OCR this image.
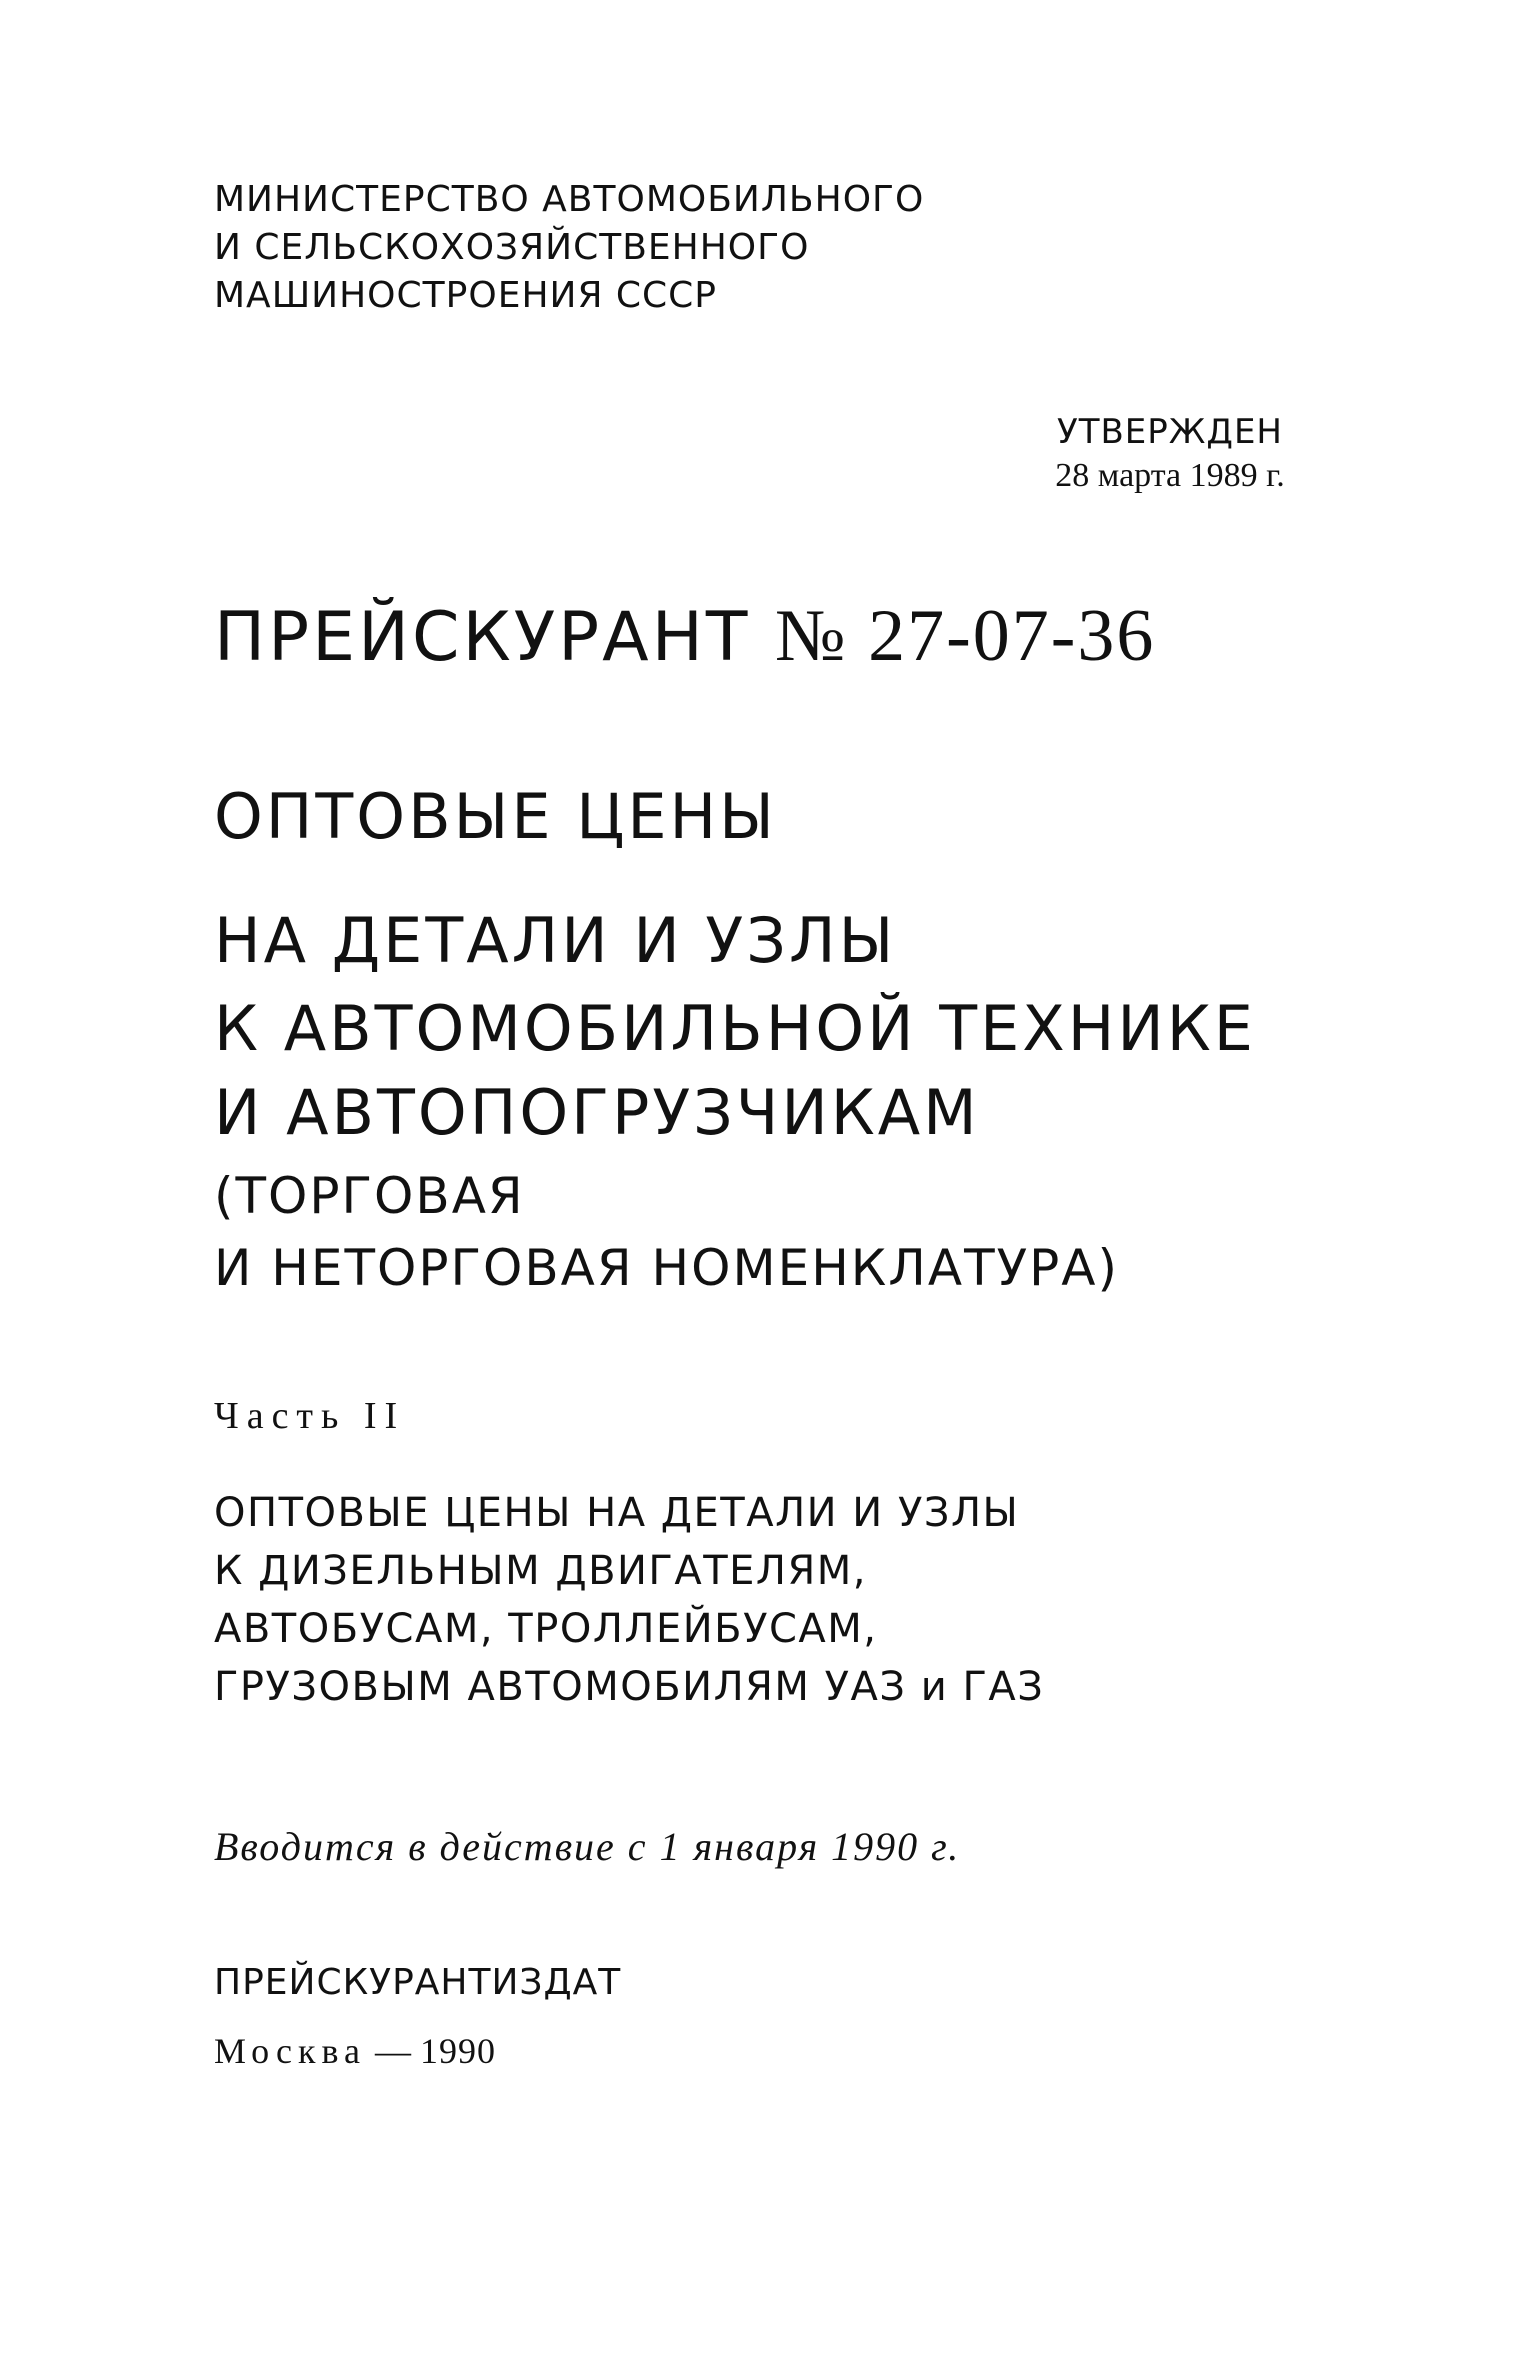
МИНИСТЕРСТВО АВТОМОБИЛЬНОГО
И СЕЛЬСКОХОЗЯЙСТВЕННОГО
МАШИНОСТРОЕНИЯ СССР
УТВЕРЖДЕН
28 марта 1989 г.
ПРЕЙСКУРАНТ № 27-07-36
ОПТОВЫЕ ЦЕНЫ
НА ДЕТАЛИ И УЗЛЫ
К АВТОМОБИЛЬНОЙ ТЕХНИКЕ
И АВТОПОГРУЗЧИКАМ
(ТОРГОВАЯ
И НЕТОРГОВАЯ НОМЕНКЛАТУРА)
Часть II
ОПТОВЫЕ ЦЕНЫ НА ДЕТАЛИ И УЗЛЫ
К ДИЗЕЛЬНЫМ ДВИГАТЕЛЯМ,
АВТОБУСАМ, ТРОЛЛЕЙБУСАМ,
ГРУЗОВЫМ АВТОМОБИЛЯМ УАЗ и ГАЗ
Вводится в действие с 1 января 1990 г.
ПРЕЙСКУРАНТИЗДАТ
Москва — 1990
